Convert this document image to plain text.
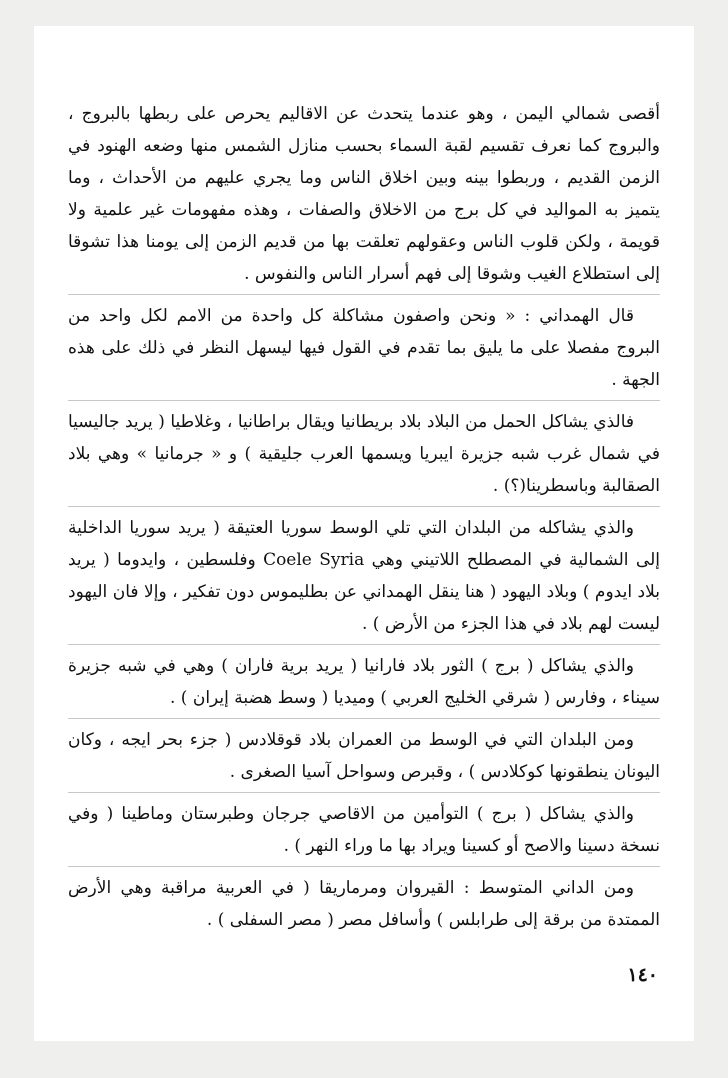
أقصى شمالي اليمن ، وهو عندما يتحدث عن الاقاليم يحرص على ربطها بالبروج ، والبروج كما نعرف تقسيم لقبة السماء بحسب منازل الشمس منها وضعه الهنود في الزمن القديم ، وربطوا بينه وبين اخلاق الناس وما يجري عليهم من الأحداث ، وما يتميز به المواليد في كل برج من الاخلاق والصفات ، وهذه مفهومات غير علمية ولا قويمة ، ولكن قلوب الناس وعقولهم تعلقت بها من قديم الزمن إلى يومنا هذا تشوقا إلى استطلاع الغيب وشوقا إلى فهم أسرار الناس والنفوس .

قال الهمداني : « ونحن واصفون مشاكلة كل واحدة من الامم لكل واحد من البروج مفصلا على ما يليق بما تقدم في القول فيها ليسهل النظر في ذلك على هذه الجهة .

فالذي يشاكل الحمل من البلاد بلاد بريطانيا ويقال براطانيا ، وغلاطيا ( يريد جاليسيا في شمال غرب شبه جزيرة ايبريا ويسمها العرب جليقية ) و « جرمانيا » وهي بلاد الصقالبة وباسطرينا(؟) .

والذي يشاكله من البلدان التي تلي الوسط سوريا العتيقة ( يريد سوريا الداخلية إلى الشمالية في المصطلح اللاتيني وهي Coele Syria وفلسطين ، وايدوما ( يريد بلاد ايدوم ) وبلاد اليهود ( هنا ينقل الهمداني عن بطليموس دون تفكير ، وإلا فان اليهود ليست لهم بلاد في هذا الجزء من الأرض ) .

والذي يشاكل ( برج ) الثور بلاد فارانيا ( يريد برية فاران ) وهي في شبه جزيرة سيناء ، وفارس ( شرقي الخليج العربي ) وميديا ( وسط هضبة إيران ) .

ومن البلدان التي في الوسط من العمران بلاد قوقلادس ( جزء بحر ايجه ، وكان اليونان ينطقونها كوكلادس ) ، وقبرص وسواحل آسيا الصغرى .

والذي يشاكل ( برج ) التوأمين من الاقاصي جرجان وطبرستان وماطينا ( وفي نسخة دسينا والاصح أو كسينا ويراد بها ما وراء النهر ) .

ومن الداني المتوسط : القيروان ومرماريقا ( في العربية مراقبة وهي الأرض الممتدة من برقة إلى طرابلس ) وأسافل مصر ( مصر السفلى ) .

١٤٠
